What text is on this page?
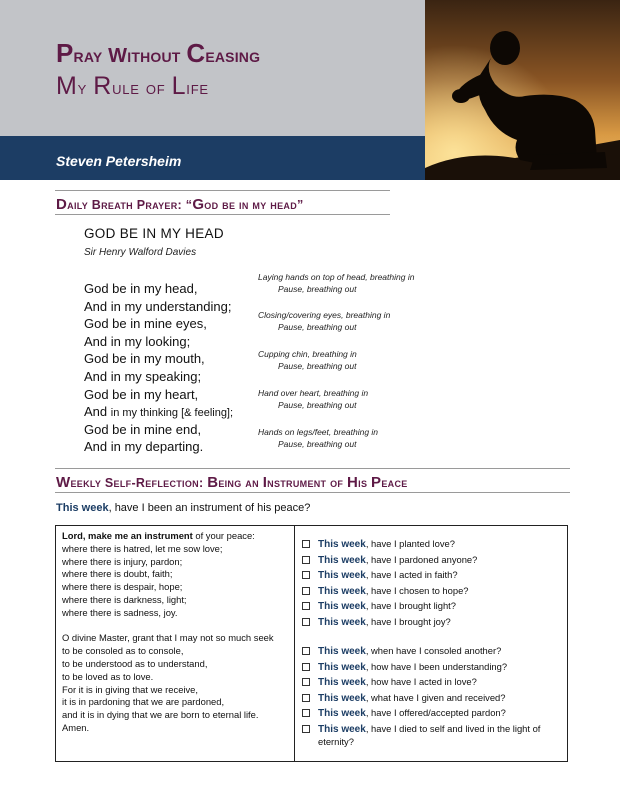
Pray Without Ceasing
My Rule of Life
Steven Petersheim
Daily Breath Prayer: “God be in my head”
GOD BE IN MY HEAD
Sir Henry Walford Davies
God be in my head,
And in my understanding;
God be in mine eyes,
And in my looking;
God be in my mouth,
And in my speaking;
God be in my heart,
And in my thinking [& feeling];
God be in mine end,
And in my departing.
Laying hands on top of head, breathing in
Pause, breathing out
Closing/covering eyes, breathing in
Pause, breathing out
Cupping chin, breathing in
Pause, breathing out
Hand over heart, breathing in
Pause, breathing out
Hands on legs/feet, breathing in
Pause, breathing out
Weekly Self-Reflection: Being an Instrument of His Peace
This week, have I been an instrument of his peace?
Lord, make me an instrument of your peace:
where there is hatred, let me sow love;
where there is injury, pardon;
where there is doubt, faith;
where there is despair, hope;
where there is darkness, light;
where there is sadness, joy.
O divine Master, grant that I may not so much seek
to be consoled as to console,
to be understood as to understand,
to be loved as to love.
For it is in giving that we receive,
it is in pardoning that we are pardoned,
and it is in dying that we are born to eternal life.
Amen.
This week, have I planted love?
This week, have I pardoned anyone?
This week, have I acted in faith?
This week, have I chosen to hope?
This week, have I brought light?
This week, have I brought joy?
This week, when have I consoled another?
This week, how have I been understanding?
This week, how have I acted in love?
This week, what have I given and received?
This week, have I offered/accepted pardon?
This week, have I died to self and lived in the light of eternity?
